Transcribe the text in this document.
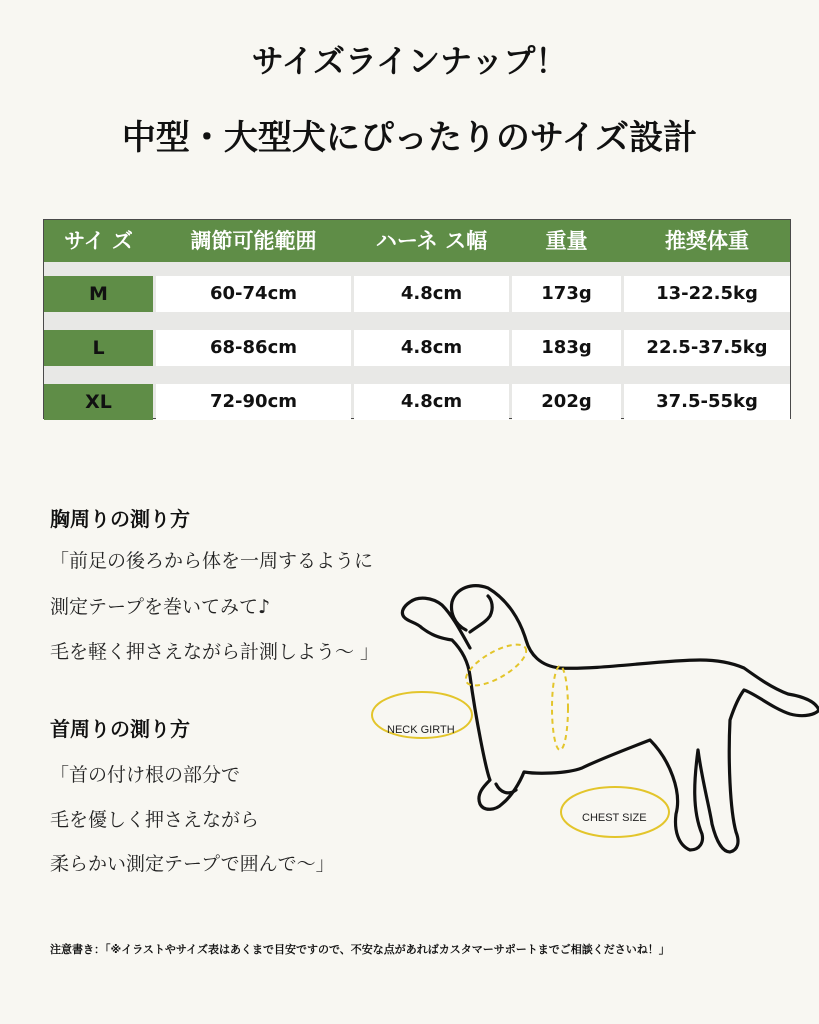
サイズラインナップ！
中型・大型犬にぴったりのサイズ設計
サイ ズ	調節可能範囲	ハーネ ス幅	重量	推奨体重
M	60-74cm	4.8cm	173g	13-22.5kg
L	68-86cm	4.8cm	183g	22.5-37.5kg
XL	72-90cm	4.8cm	202g	37.5-55kg
胸周りの測り方
「前足の後ろから体を一周するように
測定テープを巻いてみて♪
毛を軽く押さえながら計測しよう～ 」
首周りの測り方
「首の付け根の部分で
毛を優しく押さえながら
柔らかい測定テープで囲んで～」
NECK GIRTH
CHEST SIZE
注意書き：「※イラストやサイズ表はあくまで目安ですので、不安な点があればカスタマーサポートまでご相談くださいね！」
